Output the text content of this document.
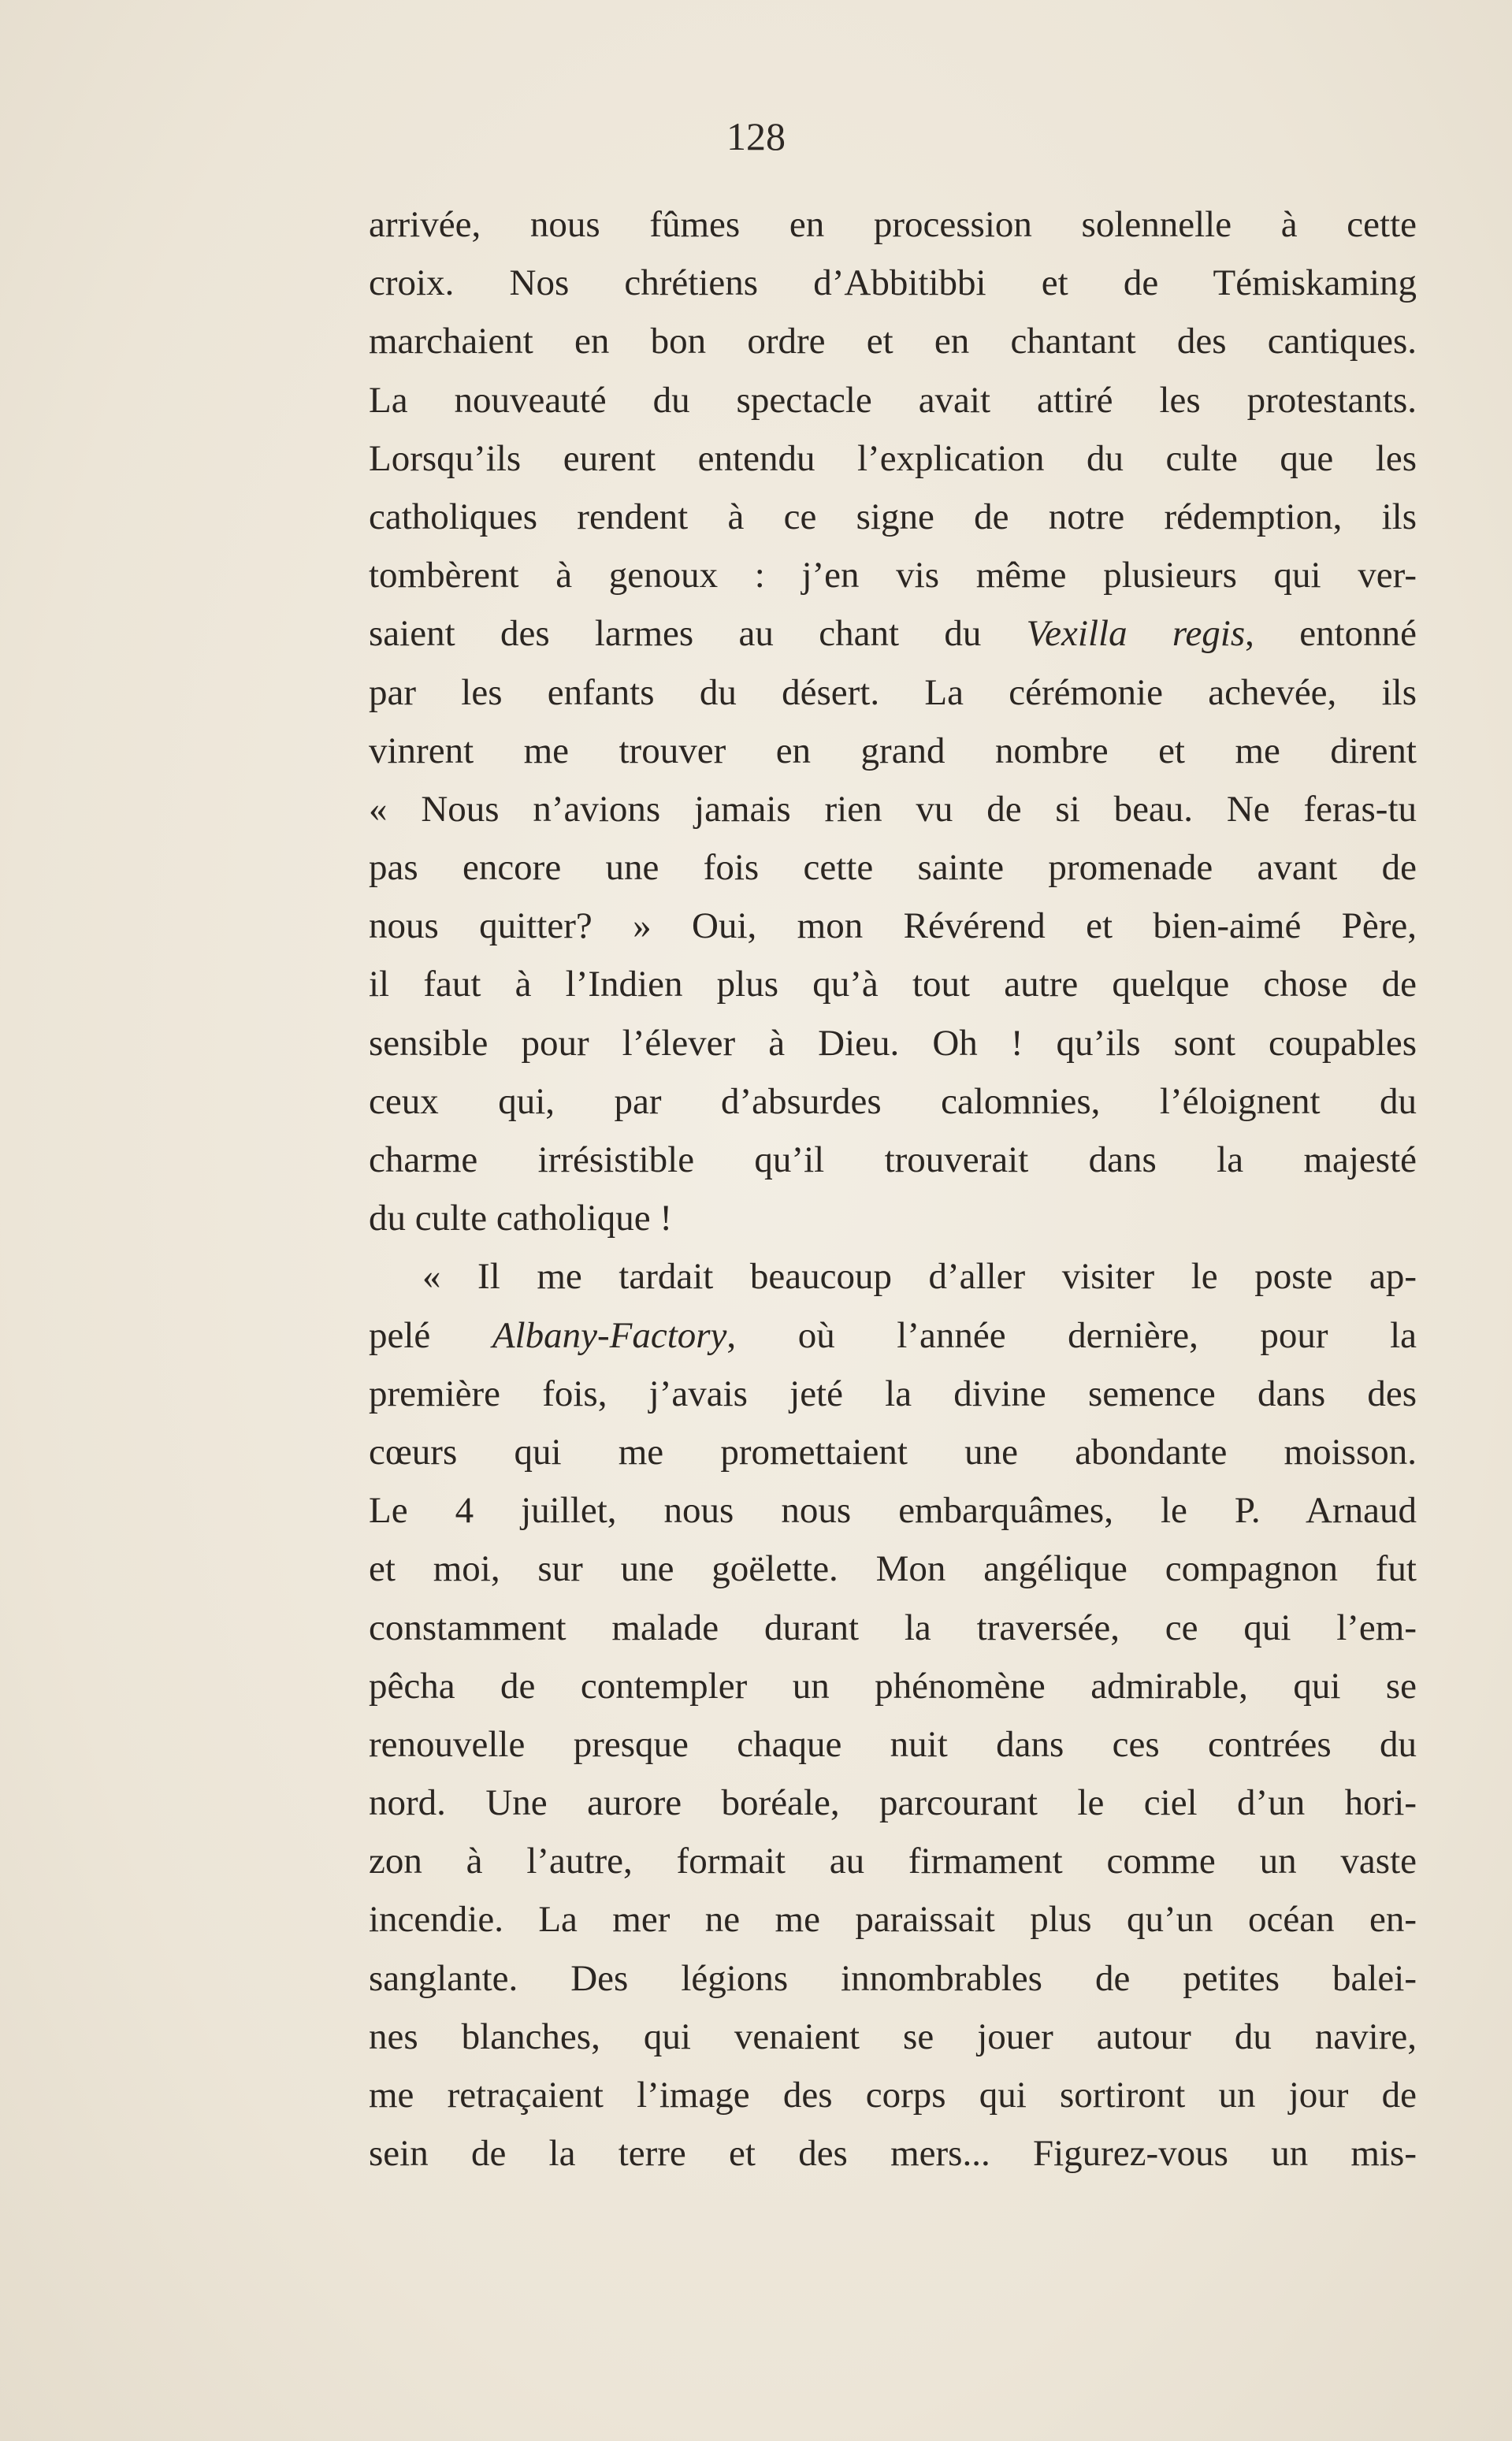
128
arrivée, nous fûmes en procession solennelle à cette
croix. Nos chrétiens d’Abbitibbi et de Témiskaming
marchaient en bon ordre et en chantant des cantiques.
La nouveauté du spectacle avait attiré les protestants.
Lorsqu’ils eurent entendu l’explication du culte que les
catholiques rendent à ce signe de notre rédemption, ils
tombèrent à genoux : j’en vis même plusieurs qui ver-
saient des larmes au chant du Vexilla regis, entonné
par les enfants du désert. La cérémonie achevée, ils
vinrent me trouver en grand nombre et me dirent
« Nous n’avions jamais rien vu de si beau. Ne feras-tu
pas encore une fois cette sainte promenade avant de
nous quitter? » Oui, mon Révérend et bien-aimé Père,
il faut à l’Indien plus qu’à tout autre quelque chose de
sensible pour l’élever à Dieu. Oh ! qu’ils sont coupables
ceux qui, par d’absurdes calomnies, l’éloignent du
charme irrésistible qu’il trouverait dans la majesté
du culte catholique !
« Il me tardait beaucoup d’aller visiter le poste ap-
pelé Albany-Factory, où l’année dernière, pour la
première fois, j’avais jeté la divine semence dans des
cœurs qui me promettaient une abondante moisson.
Le 4 juillet, nous nous embarquâmes, le P. Arnaud
et moi, sur une goëlette. Mon angélique compagnon fut
constamment malade durant la traversée, ce qui l’em-
pêcha de contempler un phénomène admirable, qui se
renouvelle presque chaque nuit dans ces contrées du
nord. Une aurore boréale, parcourant le ciel d’un hori-
zon à l’autre, formait au firmament comme un vaste
incendie. La mer ne me paraissait plus qu’un océan en-
sanglante. Des légions innombrables de petites balei-
nes blanches, qui venaient se jouer autour du navire,
me retraçaient l’image des corps qui sortiront un jour de
sein de la terre et des mers... Figurez-vous un mis-
